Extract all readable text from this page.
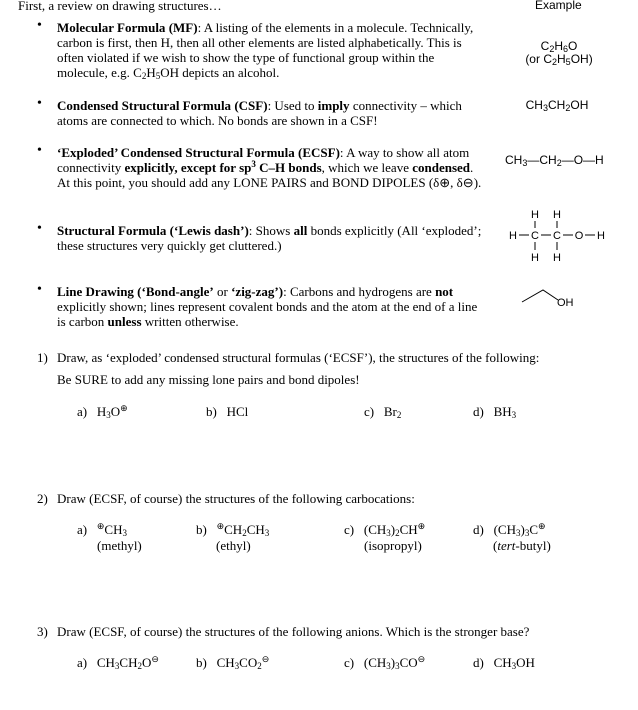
First, a review on drawing structures…	Example
• Molecular Formula (MF): A listing of the elements in a molecule. Technically, carbon is first, then H, then all other elements are listed alphabetically. This is often violated if we wish to show the type of functional group within the molecule, e.g. $C_2H_5OH$ depicts an alcohol.
$C_2H_6O$
(or $C_2H_5OH$)
• Condensed Structural Formula (CSF): Used to imply connectivity – which atoms are connected to which. No bonds are shown in a CSF!
$CH_3CH_2OH$
• ‘Exploded’ Condensed Structural Formula (ECSF): A way to show all atom connectivity explicitly, except for $sp^3$ C–H bonds, which we leave condensed. At this point, you should add any LONE PAIRS and BOND DIPOLES (δ⊕, δ⊖).
$CH_3—CH_2—O—H$
• Structural Formula (‘Lewis dash’): Shows all bonds explicitly (All ‘exploded’; these structures very quickly get cluttered.)
H H
H C C O H
H H
• Line Drawing (‘Bond-angle’ or ‘zig-zag’): Carbons and hydrogens are not explicitly shown; lines represent covalent bonds and the atom at the end of a line is carbon unless written otherwise.
OH
1) Draw, as ‘exploded’ condensed structural formulas (‘ECSF’), the structures of the following:
Be SURE to add any missing lone pairs and bond dipoles!
a) $H_3O^\oplus$	b) HCl	c) $Br_2$	d) $BH_3$
2) Draw (ECSF, of course) the structures of the following carbocations:
a) $^\oplus CH_3$
(methyl)
b) $^\oplus CH_2CH_3$
(ethyl)
c) $(CH_3)_2CH^\oplus$
(isopropyl)
d) $(CH_3)_3C^\oplus$
(tert-butyl)
3) Draw (ECSF, of course) the structures of the following anions. Which is the stronger base?
a) $CH_3CH_2O^⊖$	b) $CH_3CO_2^⊖$	c) $(CH_3)_3CO^⊖$	d) $CH_3OH$
